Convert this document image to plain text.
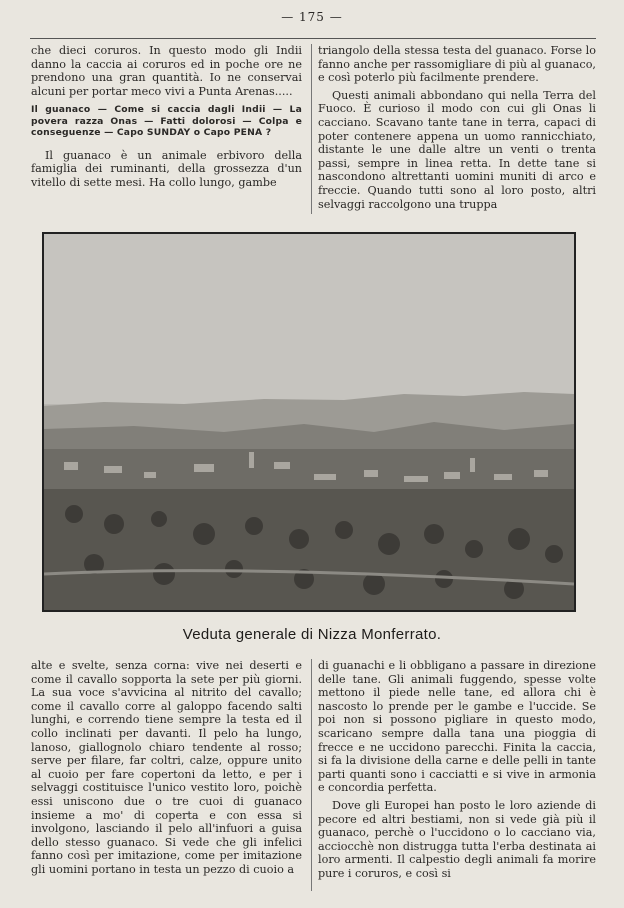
— 175 —

che dieci coruros. In questo modo gli Indii danno la caccia ai coruros ed in poche ore ne prendono una gran quantità. Io ne conservai alcuni per portar meco vivi a Punta Arenas.....

Il guanaco — Come si caccia dagli Indii — La povera razza Onas — Fatti dolorosi — Colpa e conseguenze — Capo SUNDAY o Capo PENA ?

Il guanaco è un animale erbivoro della famiglia dei ruminanti, della grossezza d'un vitello di sette mesi. Ha collo lungo, gambe

triangolo della stessa testa del guanaco. Forse lo fanno anche per rassomigliare di più al guanaco, e così poterlo più facilmente prendere.

Questi animali abbondano qui nella Terra del Fuoco. È curioso il modo con cui gli Onas li cacciano. Scavano tante tane in terra, capaci di poter contenere appena un uomo rannicchiato, distante le une dalle altre un venti o trenta passi, sempre in linea retta. In dette tane si nascondono altrettanti uomini muniti di arco e freccie. Quando tutti sono al loro posto, altri selvaggi raccolgono una truppa

Veduta generale di Nizza Monferrato.

alte e svelte, senza corna: vive nei deserti e come il cavallo sopporta la sete per più giorni. La sua voce s'avvicina al nitrito del cavallo; come il cavallo corre al galoppo facendo salti lunghi, e correndo tiene sempre la testa ed il collo inclinati per davanti. Il pelo ha lungo, lanoso, giallognolo chiaro tendente al rosso; serve per filare, far coltri, calze, oppure unito al cuoio per fare copertoni da letto, e per i selvaggi costituisce l'unico vestito loro, poichè essi uniscono due o tre cuoi di guanaco insieme a mo' di coperta e con essa si involgono, lasciando il pelo all'infuori a guisa dello stesso guanaco. Si vede che gli infelici fanno così per imitazione, come per imitazione gli uomini portano in testa un pezzo di cuoio a

di guanachi e li obbligano a passare in direzione delle tane. Gli animali fuggendo, spesse volte mettono il piede nelle tane, ed allora chi è nascosto lo prende per le gambe e l'uccide. Se poi non si possono pigliare in questo modo, scaricano sempre dalla tana una pioggia di frecce e ne uccidono parecchi. Finita la caccia, si fa la divisione della carne e delle pelli in tante parti quanti sono i cacciatti e si vive in armonia e concordia perfetta.

Dove gli Europei han posto le loro aziende di pecore ed altri bestiami, non si vede già più il guanaco, perchè o l'uccidono o lo cacciano via, acciocchè non distrugga tutta l'erba destinata ai loro armenti. Il calpestio degli animali fa morire pure i coruros, e così si
